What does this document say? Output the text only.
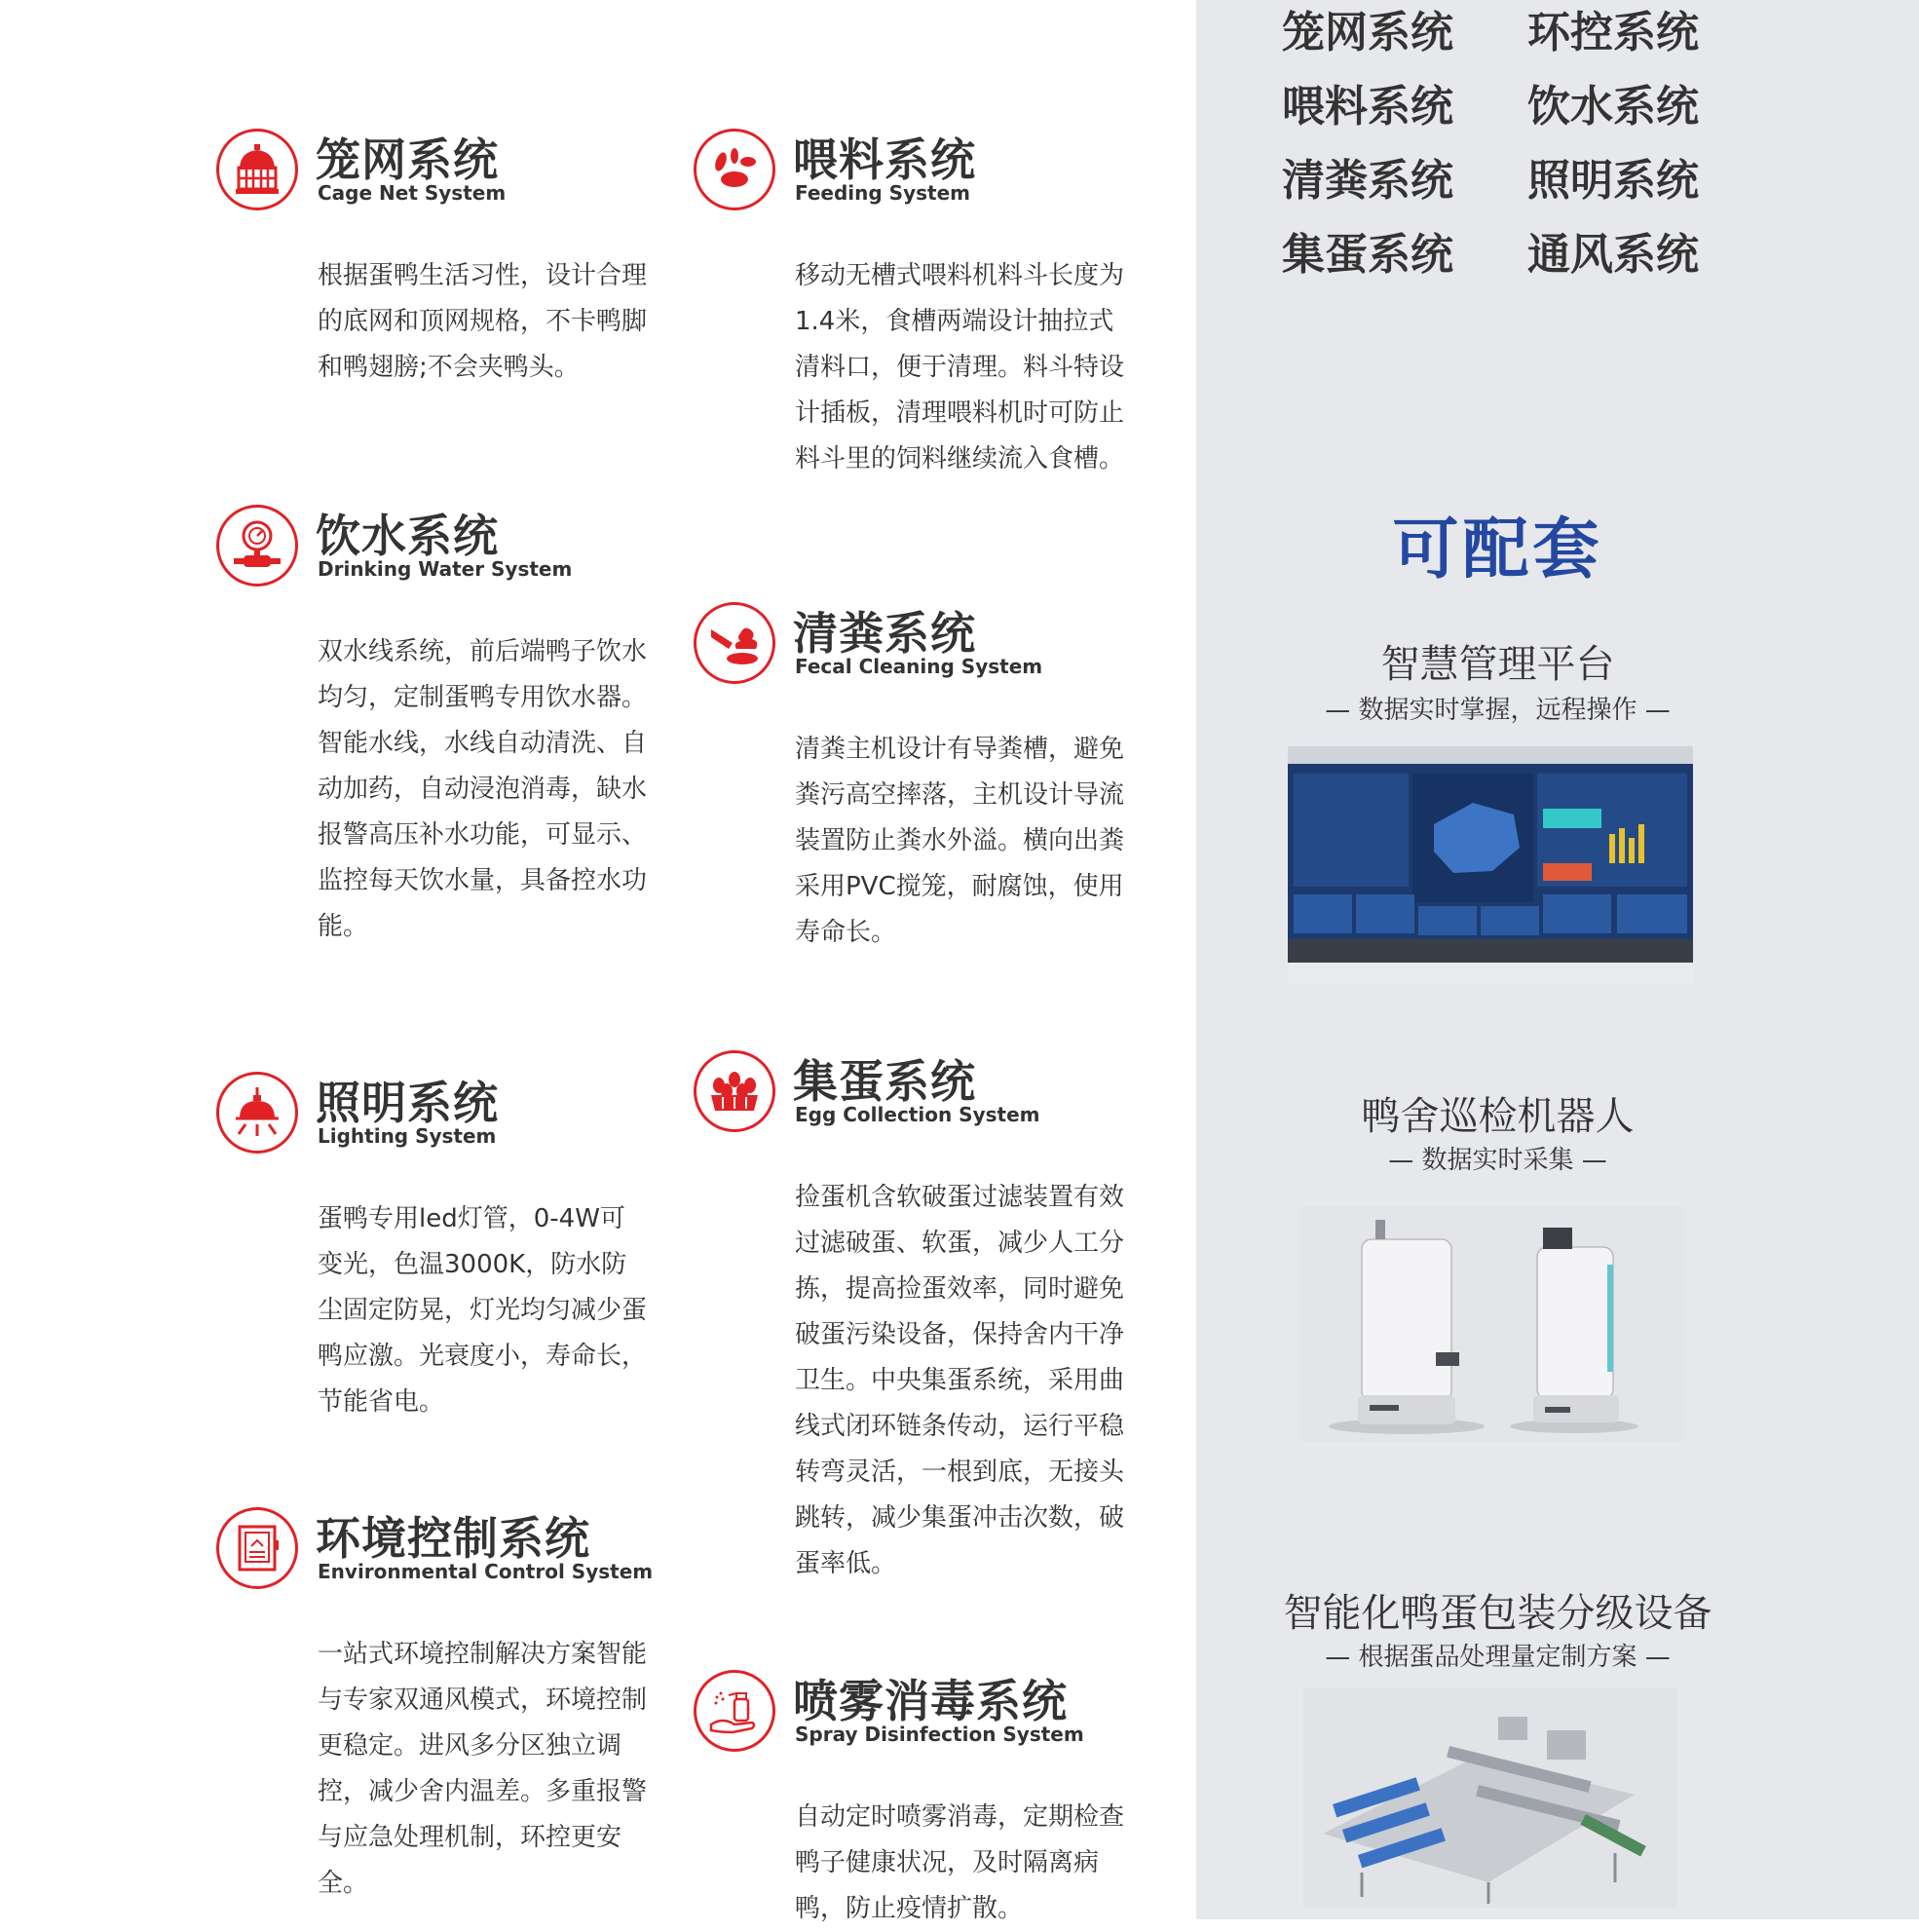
笼网系统
Cage Net System

根据蛋鸭生活习性，设计合理的底网和顶网规格，不卡鸭脚和鸭翅膀;不会夹鸭头。

饮水系统
Drinking Water System

双水线系统，前后端鸭子饮水均匀，定制蛋鸭专用饮水器。智能水线，水线自动清洗、自动加药，自动浸泡消毒，缺水报警高压补水功能，可显示、监控每天饮水量，具备控水功能。

照明系统
Lighting System

蛋鸭专用led灯管，0-4W可变光，色温3000K，防水防尘固定防晃，灯光均匀减少蛋鸭应激。光衰度小，寿命长，节能省电。

环境控制系统
Environmental Control System

一站式环境控制解决方案智能与专家双通风模式，环境控制更稳定。进风多分区独立调控，减少舍内温差。多重报警与应急处理机制，环控更安全。

喂料系统
Feeding System

移动无槽式喂料机料斗长度为1.4米，食槽两端设计抽拉式清料口，便于清理。料斗特设计插板，清理喂料机时可防止料斗里的饲料继续流入食槽。

清粪系统
Fecal Cleaning System

清粪主机设计有导粪槽，避免粪污高空摔落，主机设计导流装置防止粪水外溢。横向出粪采用PVC搅笼，耐腐蚀，使用寿命长。

集蛋系统
Egg Collection System

捡蛋机含软破蛋过滤装置有效过滤破蛋、软蛋，减少人工分拣，提高捡蛋效率，同时避免破蛋污染设备，保持舍内干净卫生。中央集蛋系统，采用曲线式闭环链条传动，运行平稳转弯灵活，一根到底，无接头跳转，减少集蛋冲击次数，破蛋率低。

喷雾消毒系统
Spray Disinfection System

自动定时喷雾消毒，定期检查鸭子健康状况，及时隔离病鸭，防止疫情扩散。

笼网系统	环控系统
喂料系统	饮水系统
清粪系统	照明系统
集蛋系统	通风系统
可配套
智慧管理平台
— 数据实时掌握，远程操作 —
鸭舍巡检机器人
— 数据实时采集 —
智能化鸭蛋包装分级设备
— 根据蛋品处理量定制方案 —
